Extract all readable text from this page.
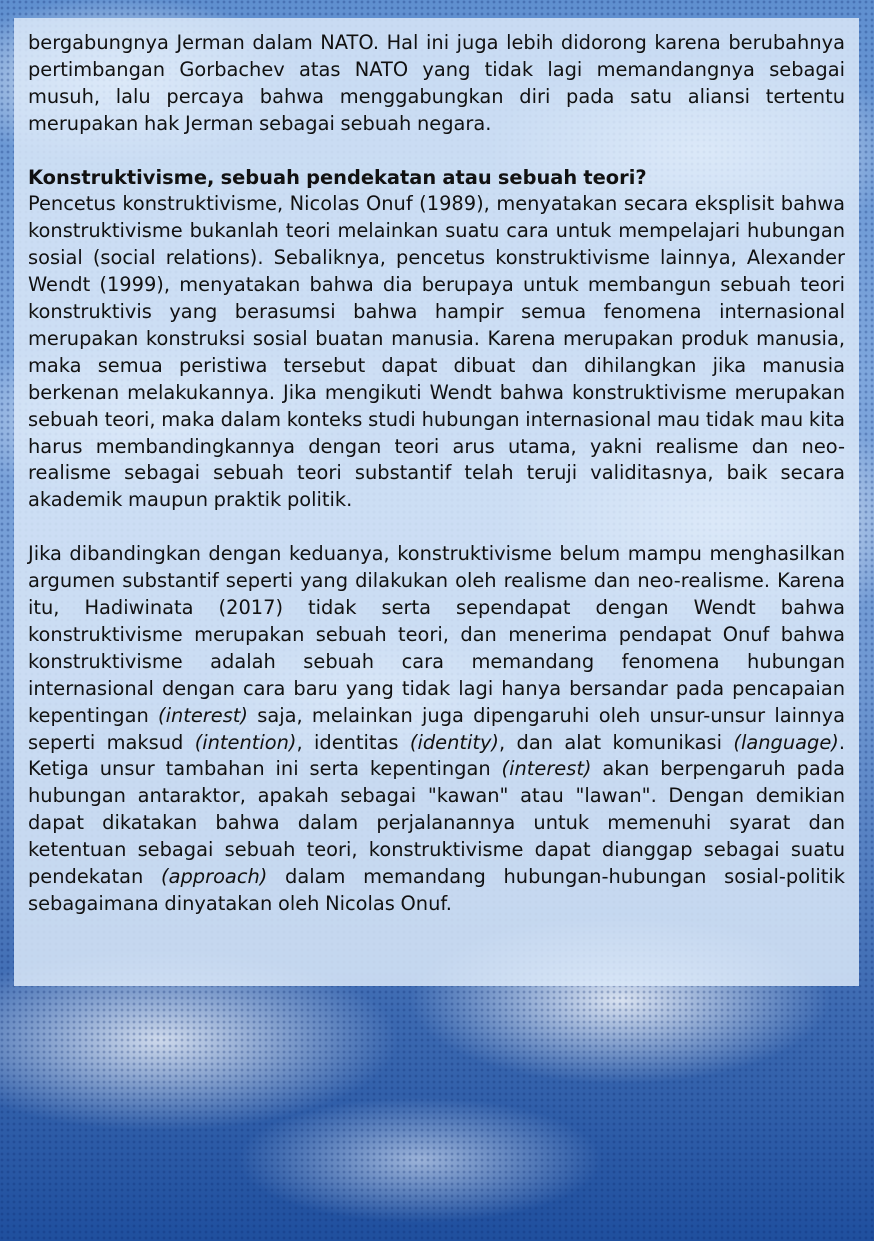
bergabungnya Jerman dalam NATO. Hal ini juga lebih didorong karena berubahnya pertimbangan Gorbachev atas NATO yang tidak lagi memandangnya sebagai musuh, lalu percaya bahwa menggabungkan diri pada satu aliansi tertentu merupakan hak Jerman sebagai sebuah negara.

Konstruktivisme, sebuah pendekatan atau sebuah teori?

Pencetus konstruktivisme, Nicolas Onuf (1989), menyatakan secara eksplisit bahwa konstruktivisme bukanlah teori melainkan suatu cara untuk mempelajari hubungan sosial (social relations). Sebaliknya, pencetus konstruktivisme lainnya, Alexander Wendt (1999), menyatakan bahwa dia berupaya untuk membangun sebuah teori konstruktivis yang berasumsi bahwa hampir semua fenomena internasional merupakan konstruksi sosial buatan manusia. Karena merupakan produk manusia, maka semua peristiwa tersebut dapat dibuat dan dihilangkan jika manusia berkenan melakukannya. Jika mengikuti Wendt bahwa konstruktivisme merupakan sebuah teori, maka dalam konteks studi hubungan internasional mau tidak mau kita harus membandingkannya dengan teori arus utama, yakni realisme dan neo-realisme sebagai sebuah teori substantif telah teruji validitasnya, baik secara akademik maupun praktik politik.

Jika dibandingkan dengan keduanya, konstruktivisme belum mampu menghasilkan argumen substantif seperti yang dilakukan oleh realisme dan neo-realisme. Karena itu, Hadiwinata (2017) tidak serta sependapat dengan Wendt bahwa konstruktivisme merupakan sebuah teori, dan menerima pendapat Onuf bahwa konstruktivisme adalah sebuah cara memandang fenomena hubungan internasional dengan cara baru yang tidak lagi hanya bersandar pada pencapaian kepentingan (interest) saja, melainkan juga dipengaruhi oleh unsur-unsur lainnya seperti maksud (intention), identitas (identity), dan alat komunikasi (language). Ketiga unsur tambahan ini serta kepentingan (interest) akan berpengaruh pada hubungan antaraktor, apakah sebagai "kawan" atau "lawan". Dengan demikian dapat dikatakan bahwa dalam perjalanannya untuk memenuhi syarat dan ketentuan sebagai sebuah teori, konstruktivisme dapat dianggap sebagai suatu pendekatan (approach) dalam memandang hubungan-hubungan sosial-politik sebagaimana dinyatakan oleh Nicolas Onuf.
